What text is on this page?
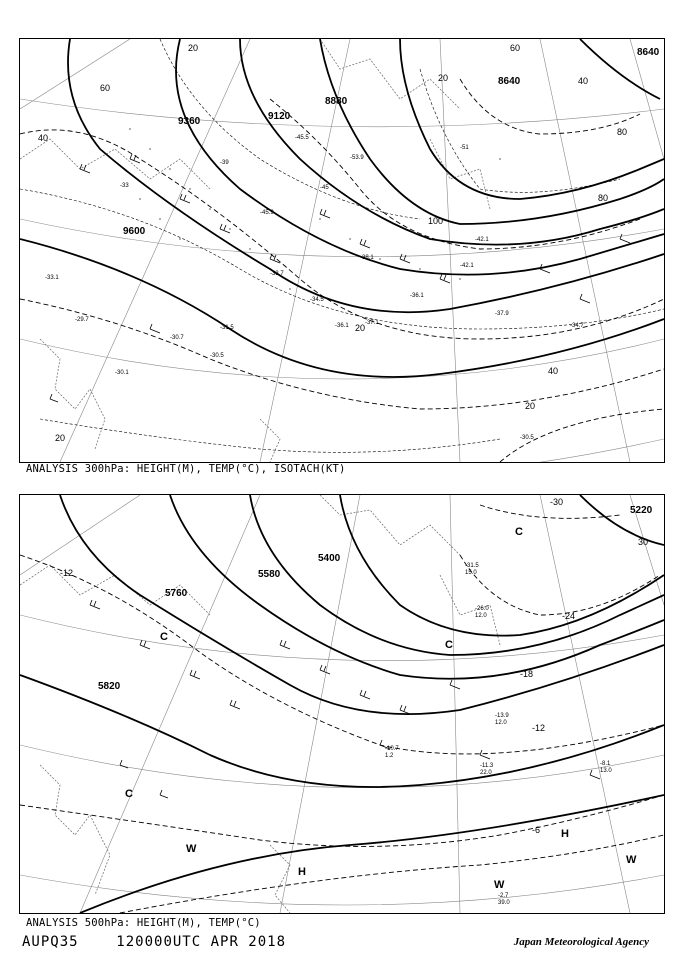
9360	9120
8880
8640
8640
9600
20
40
60
80
100
20	40
60
80
40
20
20
20
-33
-39
-45
-51
-53.9
-37.1
-30.7
-30.5
-29.7
-34.5
-38.1
-42.1
-45.9
-36.1
-34.7
-37.9
-36.1
-33.7
-30.1
-31.5
-45.5
-42.1
-30.5
-33.1
ANALYSIS 300hPa: HEIGHT(M), TEMP(°C), ISOTACH(KT)
5760
5580
5400
5820
5220
-12
-18
-24
-30
-12
-6
30
C
C
C
C
W
W
W
H
H
-2.7
39.0
-11.3
22.0
-10.7
1.2
-13.9
12.0
-8.1
13.0
-31.5
15.0
-26.0
12.0
ANALYSIS 500hPa: HEIGHT(M), TEMP(°C)
AUPQ35	120000UTC APR 2018	Japan Meteorological Agency
